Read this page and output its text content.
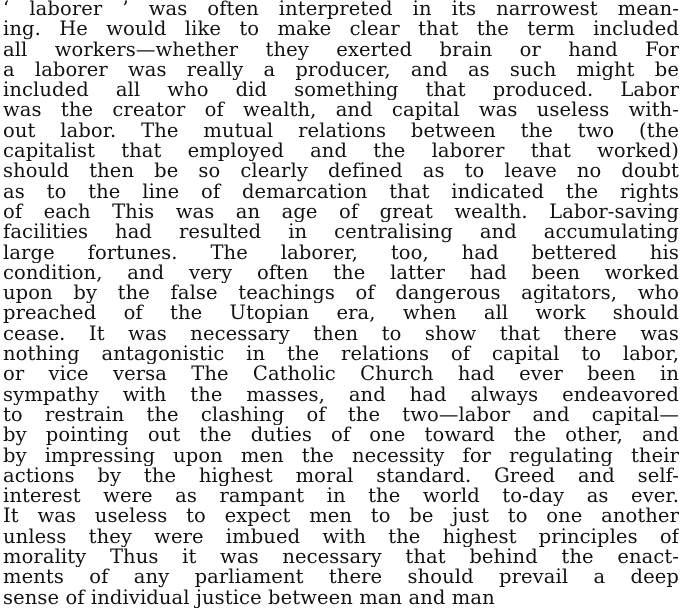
‘ laborer ’ was often interpreted in its narrowest mean-
ing. He would like to make clear that the term included
all workers—whether they exerted brain or hand For
a laborer was really a producer, and as such might be
included all who did something that produced. Labor
was the creator of wealth, and capital was useless with-
out labor. The mutual relations between the two (the
capitalist that employed and the laborer that worked)
should then be so clearly defined as to leave no doubt
as to the line of demarcation that indicated the rights
of each This was an age of great wealth. Labor-saving
facilities had resulted in centralising and accumulating
large fortunes. The laborer, too, had bettered his
condition, and very often the latter had been worked
upon by the false teachings of dangerous agitators, who
preached of the Utopian era, when all work should
cease. It was necessary then to show that there was
nothing antagonistic in the relations of capital to labor,
or vice versa The Catholic Church had ever been in
sympathy with the masses, and had always endeavored
to restrain the clashing of the two—labor and capital—
by pointing out the duties of one toward the other, and
by impressing upon men the necessity for regulating their
actions by the highest moral standard. Greed and self-
interest were as rampant in the world to-day as ever.
It was useless to expect men to be just to one another
unless they were imbued with the highest principles of
morality Thus it was necessary that behind the enact-
ments of any parliament there should prevail a deep
sense of individual justice between man and man
